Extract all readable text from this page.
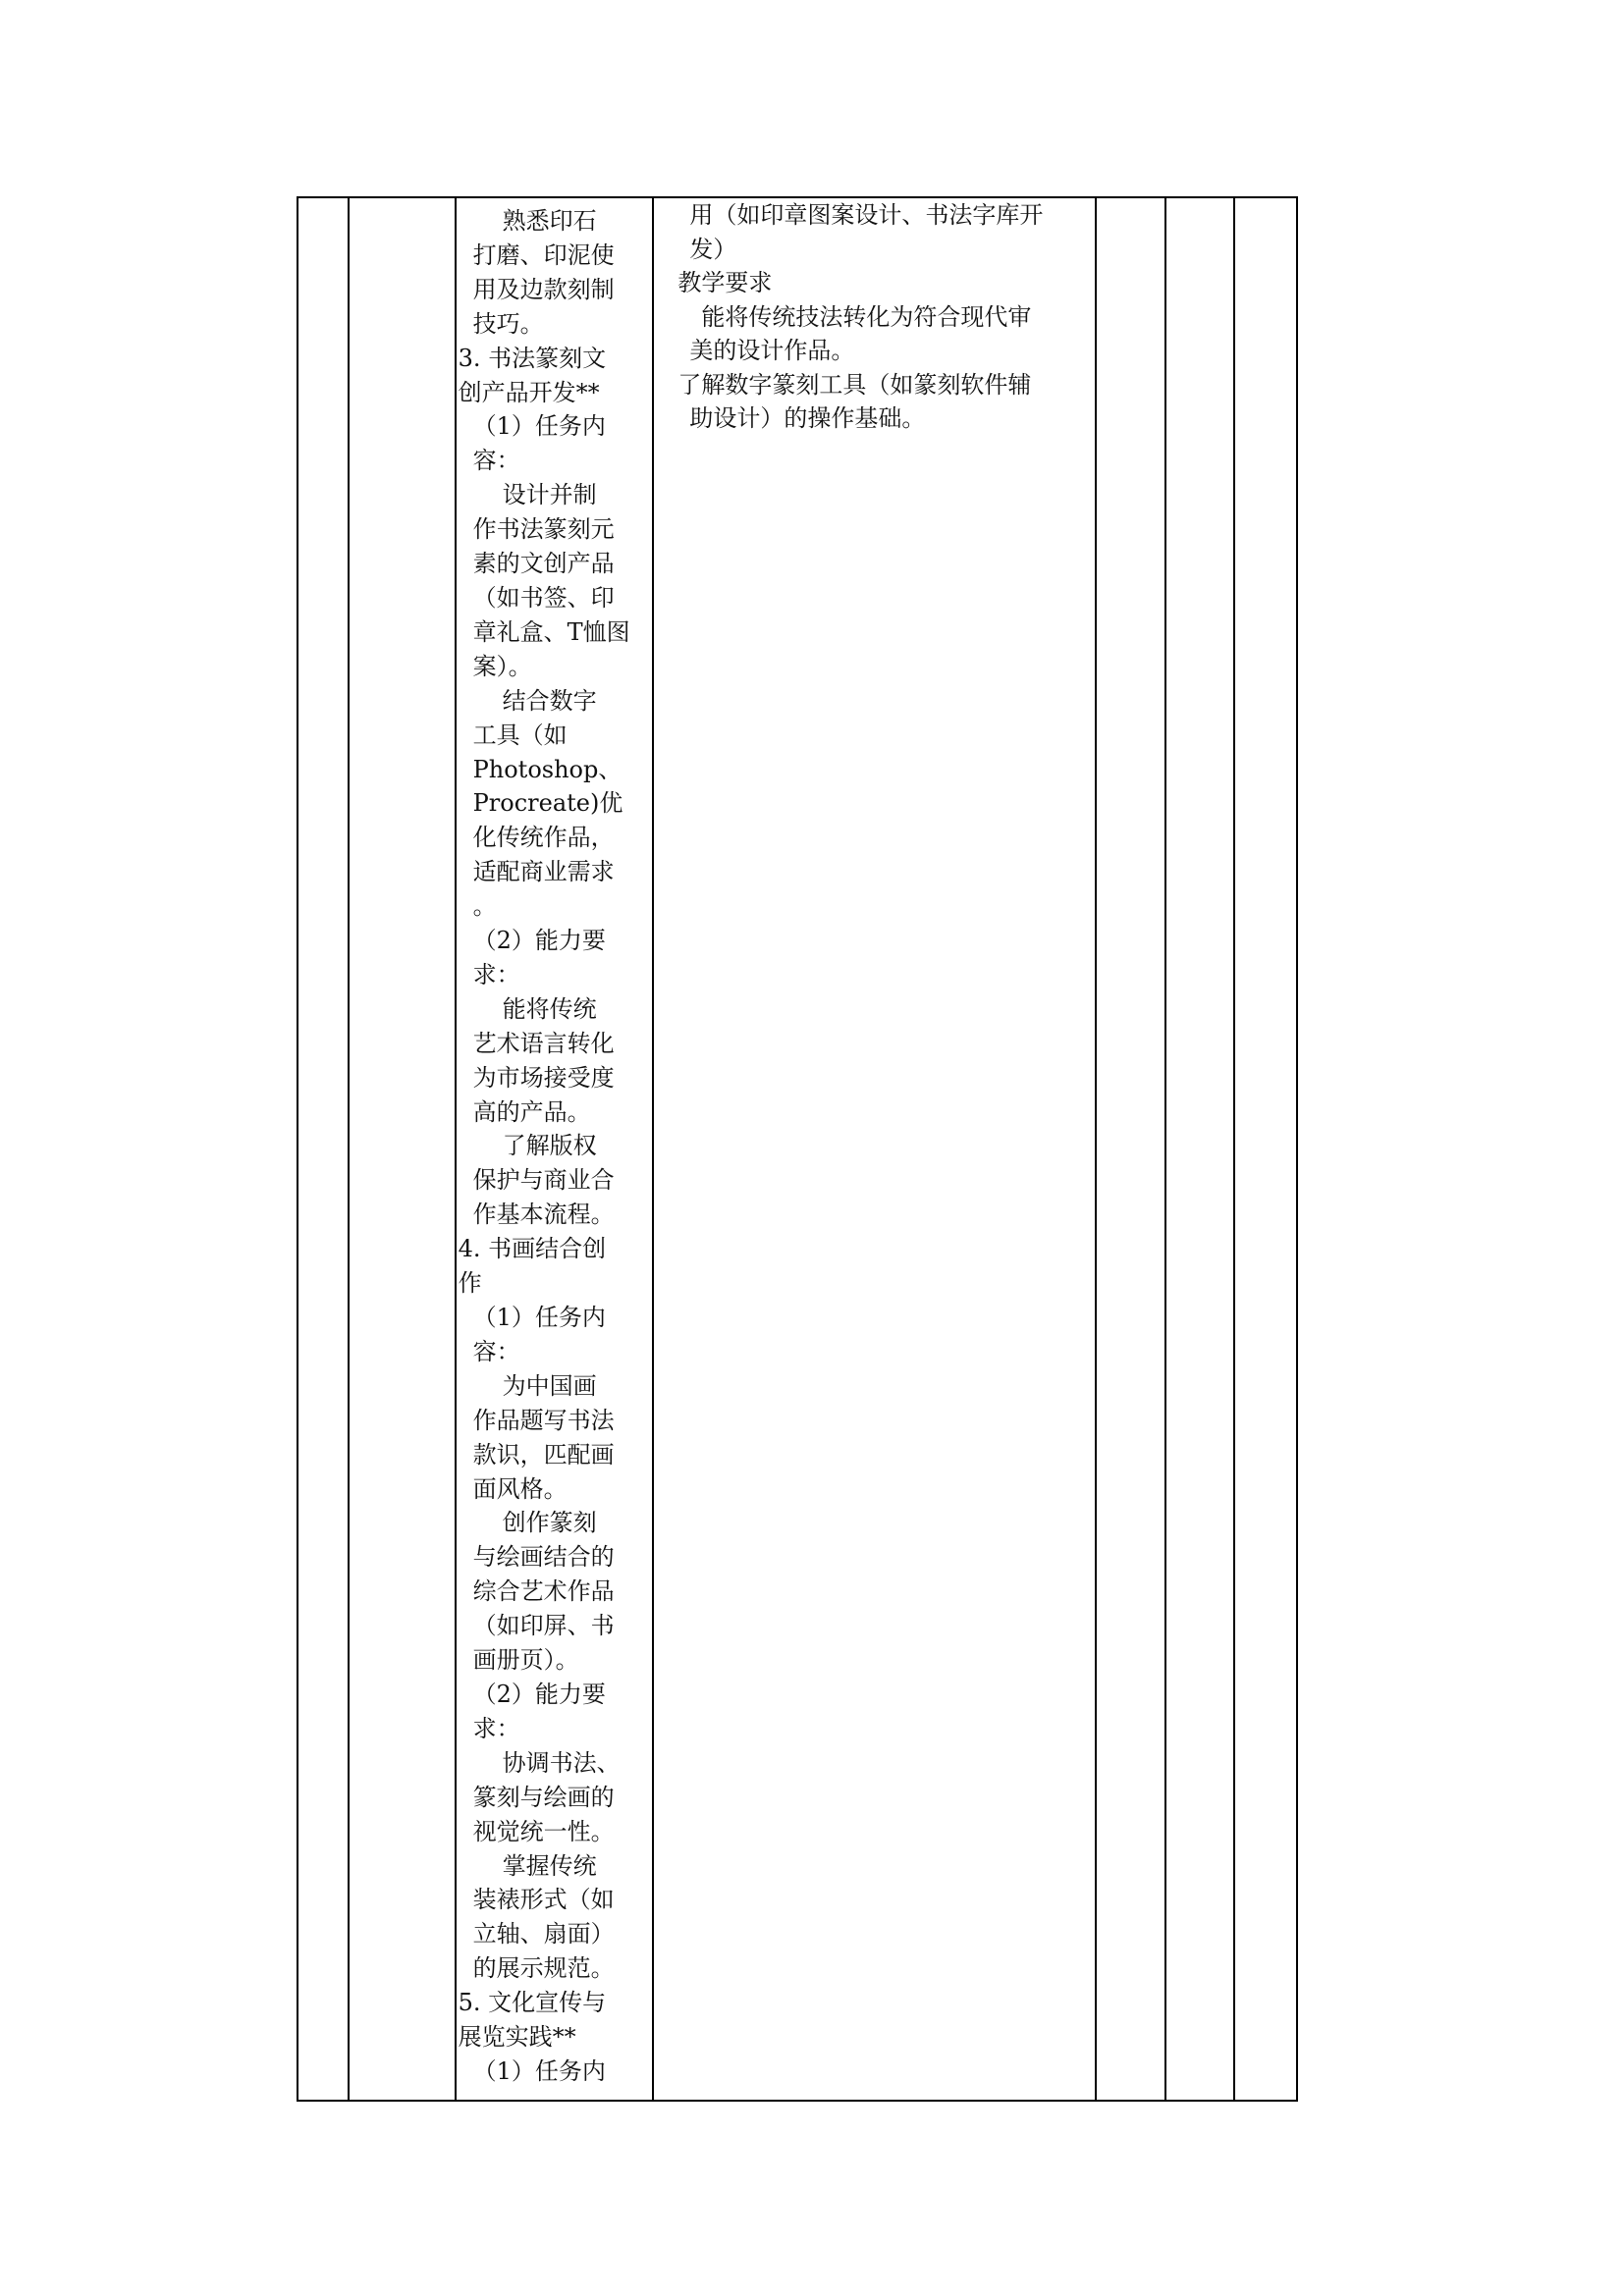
熟悉印石
打磨、印泥使
用及边款刻制
技巧。
3. 书法篆刻文
创产品开发**
（1）任务内
容：
设计并制
作书法篆刻元
素的文创产品
（如书签、印
章礼盒、T恤图
案）。
结合数字
工具（如
Photoshop、
Procreate)优
化传统作品，
适配商业需求
。
（2）能力要
求：
能将传统
艺术语言转化
为市场接受度
高的产品。
了解版权
保护与商业合
作基本流程。
4. 书画结合创
作
（1）任务内
容：
为中国画
作品题写书法
款识，匹配画
面风格。
创作篆刻
与绘画结合的
综合艺术作品
（如印屏、书
画册页）。
（2）能力要
求：
协调书法、
篆刻与绘画的
视觉统一性。
掌握传统
装裱形式（如
立轴、扇面）
的展示规范。
5. 文化宣传与
展览实践**
（1）任务内

用（如印章图案设计、书法字库开
发）
教学要求
能将传统技法转化为符合现代审
美的设计作品。
了解数字篆刻工具（如篆刻软件辅
助设计）的操作基础。
